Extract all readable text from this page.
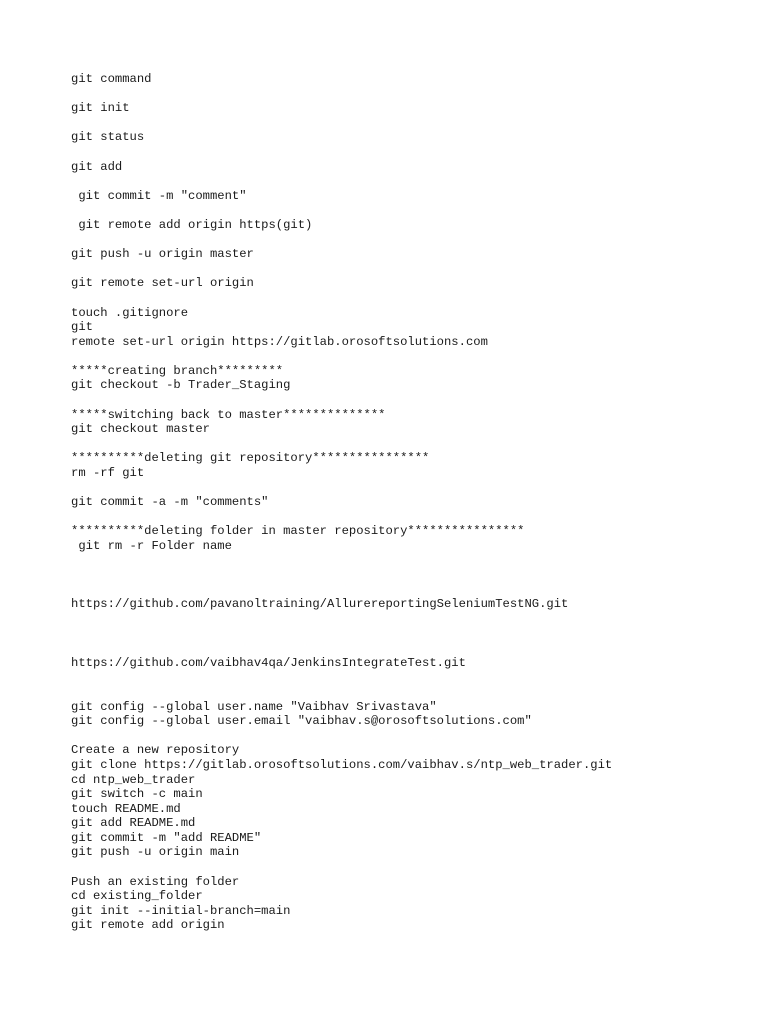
git command
git init
git status
git add
git commit -m "comment"
git remote add origin https(git)
git push -u origin master
git remote set-url origin
touch .gitignore
git
remote set-url origin https://gitlab.orosoftsolutions.com
*****creating branch*********
git checkout -b Trader_Staging
*****switching back to master**************
git checkout master
**********deleting git repository****************
rm -rf git
git commit -a -m "comments"
**********deleting folder in master repository****************
git rm -r Folder name
https://github.com/pavanoltraining/AllurereportingSeleniumTestNG.git
https://github.com/vaibhav4qa/JenkinsIntegrateTest.git
git config --global user.name "Vaibhav Srivastava"
git config --global user.email "vaibhav.s@orosoftsolutions.com"
Create a new repository
git clone https://gitlab.orosoftsolutions.com/vaibhav.s/ntp_web_trader.git
cd ntp_web_trader
git switch -c main
touch README.md
git add README.md
git commit -m "add README"
git push -u origin main
Push an existing folder
cd existing_folder
git init --initial-branch=main
git remote add origin
